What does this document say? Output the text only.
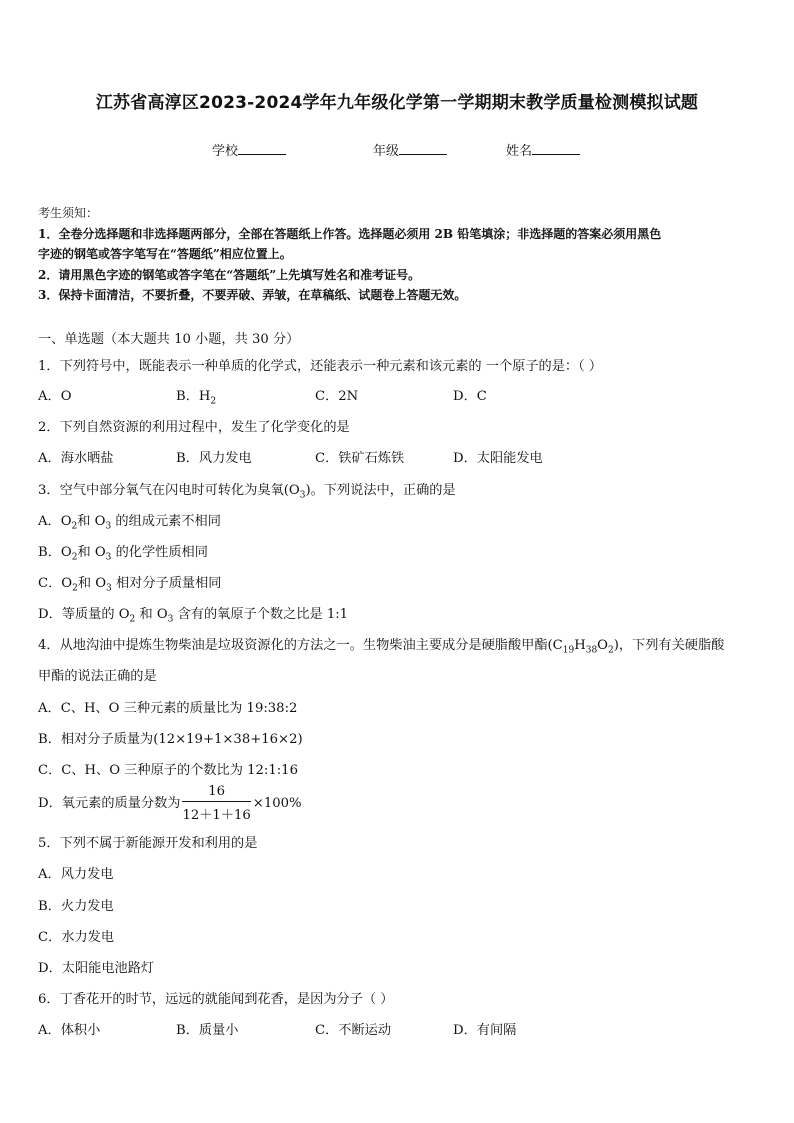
江苏省高淳区2023-2024学年九年级化学第一学期期末教学质量检测模拟试题
学校	年级	姓名
考生须知：
1．全卷分选择题和非选择题两部分，全部在答题纸上作答。选择题必须用 2B 铅笔填涂；非选择题的答案必须用黑色
字迹的钢笔或答字笔写在“答题纸”相应位置上。
2．请用黑色字迹的钢笔或答字笔在“答题纸”上先填写姓名和准考证号。
3．保持卡面清洁，不要折叠，不要弄破、弄皱，在草稿纸、试题卷上答题无效。
一、单选题（本大题共 10 小题，共 30 分）
1．下列符号中，既能表示一种单质的化学式，还能表示一种元素和该元素的 一个原子的是：（ ）
A．O	B．$H_2$	C．2N	D．C
2．下列自然资源的利用过程中，发生了化学变化的是
A．海水晒盐	B．风力发电	C．铁矿石炼铁	D．太阳能发电
3．空气中部分氧气在闪电时可转化为臭氧$(O_3)$。下列说法中，正确的是
A．$O_2$和 $O_3$ 的组成元素不相同
B．$O_2$和 $O_3$ 的化学性质相同
C．$O_2$和 $O_3$ 相对分子质量相同
D．等质量的 $O_2$ 和 $O_3$ 含有的氧原子个数之比是 1:1
4．从地沟油中提炼生物柴油是垃圾资源化的方法之一。生物柴油主要成分是硬脂酸甲酯$(C_{19}H_{38}O_2)$，下列有关硬脂酸
甲酯的说法正确的是
A．C、H、O 三种元素的质量比为 19:38:2
B．相对分子质量为(12×19+1×38+16×2)
C．C、H、O 三种原子的个数比为 12:1:16
D．氧元素的质量分数为 $\frac{16}{12+1+16} \times 100\%$
5．下列不属于新能源开发和利用的是
A．风力发电
B．火力发电
C．水力发电
D．太阳能电池路灯
6．丁香花开的时节，远远的就能闻到花香，是因为分子（ ）
A．体积小	B．质量小	C．不断运动	D．有间隔
